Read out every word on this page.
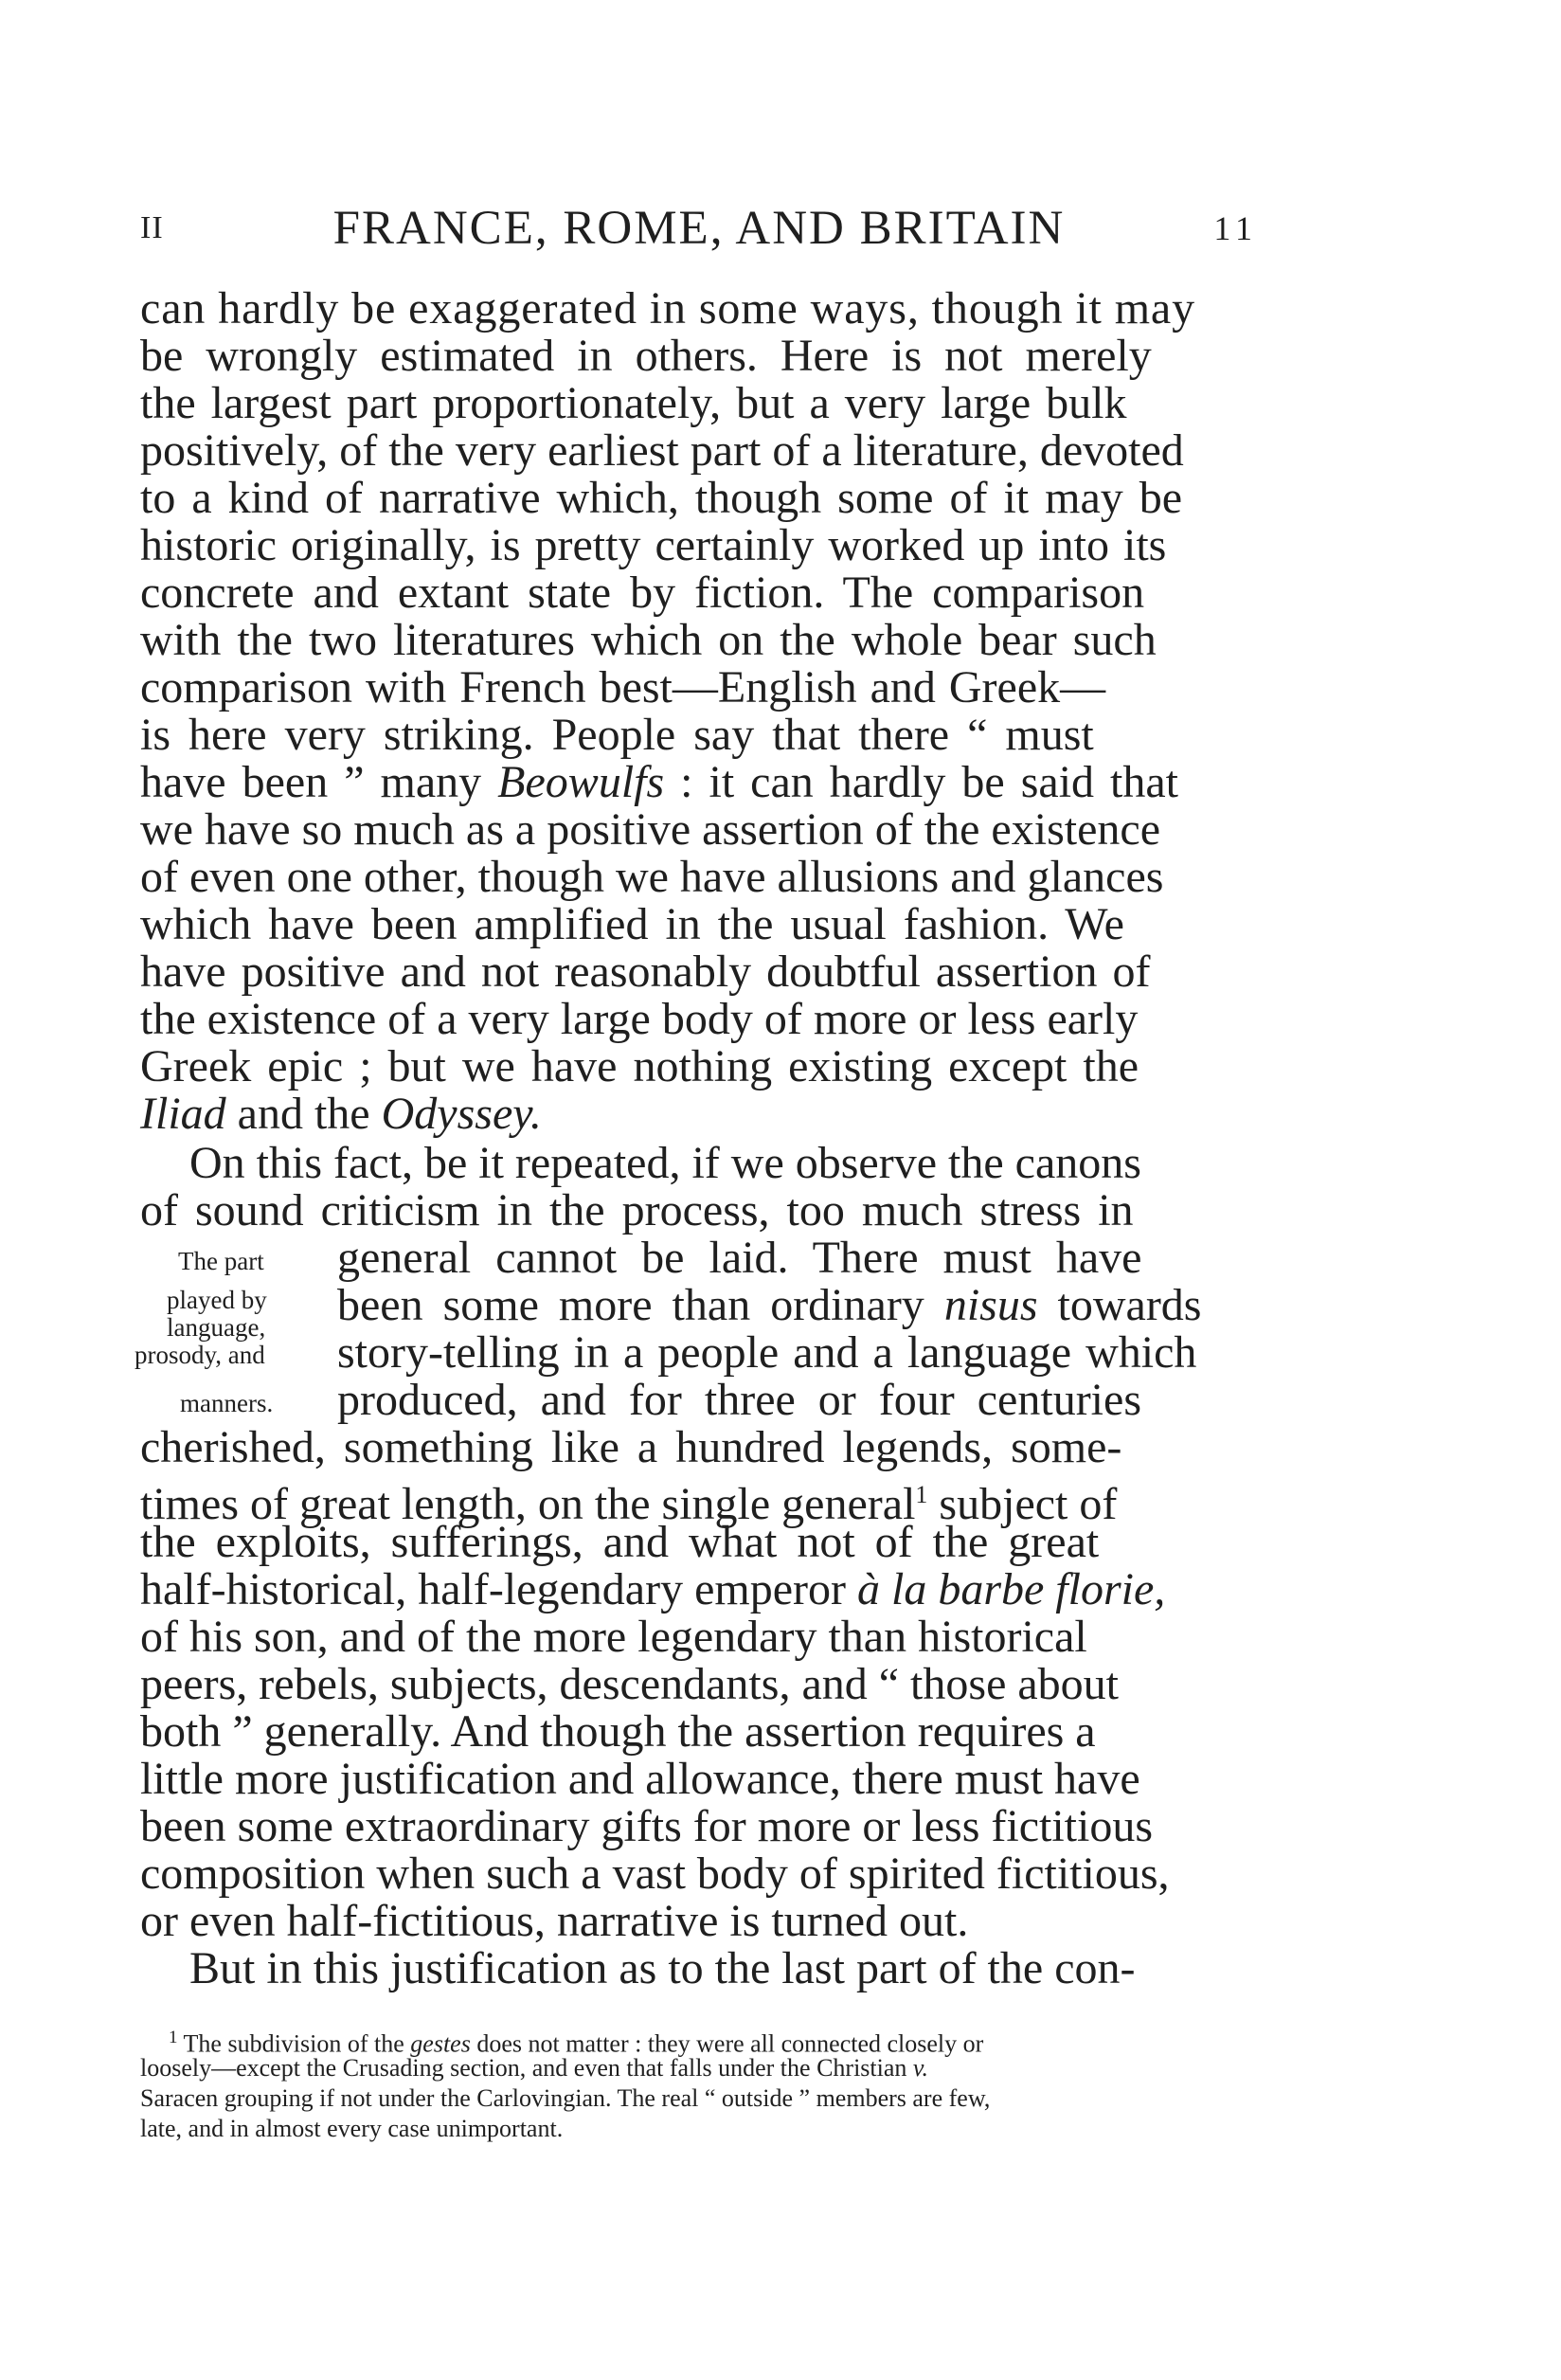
II	FRANCE, ROME, AND BRITAIN	11
can hardly be exaggerated in some ways, though it may
be wrongly estimated in others. Here is not merely
the largest part proportionately, but a very large bulk
positively, of the very earliest part of a literature, devoted
to a kind of narrative which, though some of it may be
historic originally, is pretty certainly worked up into its
concrete and extant state by fiction. The comparison
with the two literatures which on the whole bear such
comparison with French best—English and Greek—
is here very striking. People say that there “ must
have been ” many Beowulfs : it can hardly be said that
we have so much as a positive assertion of the existence
of even one other, though we have allusions and glances
which have been amplified in the usual fashion. We
have positive and not reasonably doubtful assertion of
the existence of a very large body of more or less early
Greek epic ; but we have nothing existing except the
Iliad and the Odyssey.
On this fact, be it repeated, if we observe the canons
of sound criticism in the process, too much stress in
general cannot be laid. There must have
been some more than ordinary nisus towards
story-telling in a people and a language which
produced, and for three or four centuries
cherished, something like a hundred legends, some-
times of great length, on the single general$^1$ subject of
the exploits, sufferings, and what not of the great
half-historical, half-legendary emperor à la barbe florie,
of his son, and of the more legendary than historical
peers, rebels, subjects, descendants, and “ those about
both ” generally. And though the assertion requires a
little more justification and allowance, there must have
been some extraordinary gifts for more or less fictitious
composition when such a vast body of spirited fictitious,
or even half-fictitious, narrative is turned out.
But in this justification as to the last part of the con-
The part
played by
language,
prosody, and
manners.
$^1$ The subdivision of the gestes does not matter : they were all connected closely or
loosely—except the Crusading section, and even that falls under the Christian v.
Saracen grouping if not under the Carlovingian. The real “ outside ” members are few,
late, and in almost every case unimportant.
